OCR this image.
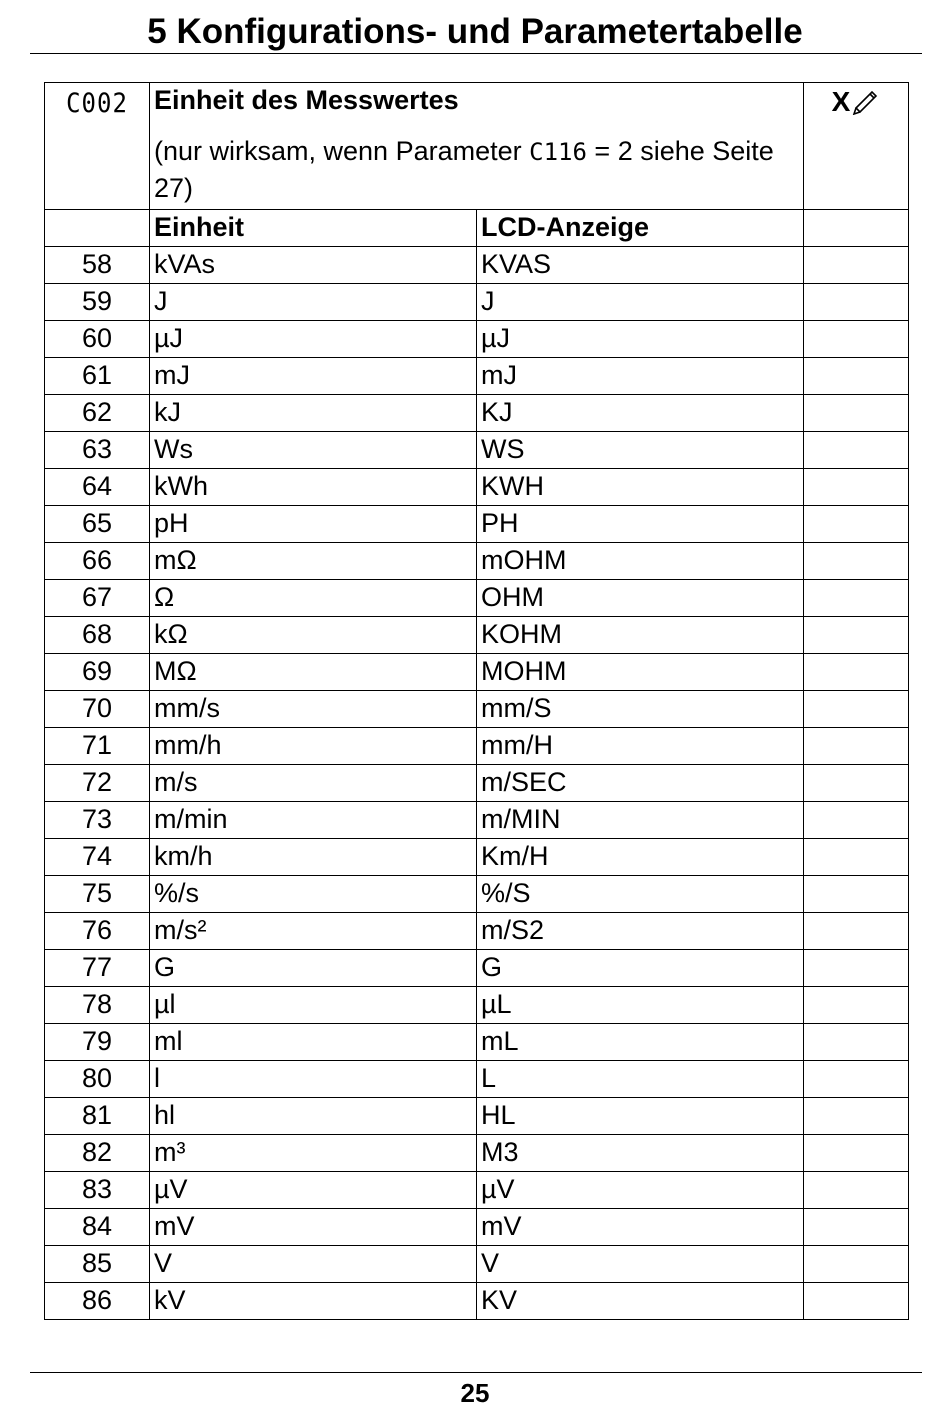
5 Konfigurations- und Parametertabelle
C002	Einheit des Messwertes
(nur wirksam, wenn Parameter C116 = 2 siehe Seite 27)		X
	Einheit	LCD-Anzeige	
58	kVAs	KVAS	
59	J	J	
60	µJ	µJ	
61	mJ	mJ	
62	kJ	KJ	
63	Ws	WS	
64	kWh	KWH	
65	pH	PH	
66	mΩ	mOHM	
67	Ω	OHM	
68	kΩ	KOHM	
69	MΩ	MOHM	
70	mm/s	mm/S	
71	mm/h	mm/H	
72	m/s	m/SEC	
73	m/min	m/MIN	
74	km/h	Km/H	
75	%/s	%/S	
76	m/s²	m/S2	
77	G	G	
78	µl	µL	
79	ml	mL	
80	l	L	
81	hl	HL	
82	m³	M3	
83	µV	µV	
84	mV	mV	
85	V	V	
86	kV	KV	
25
